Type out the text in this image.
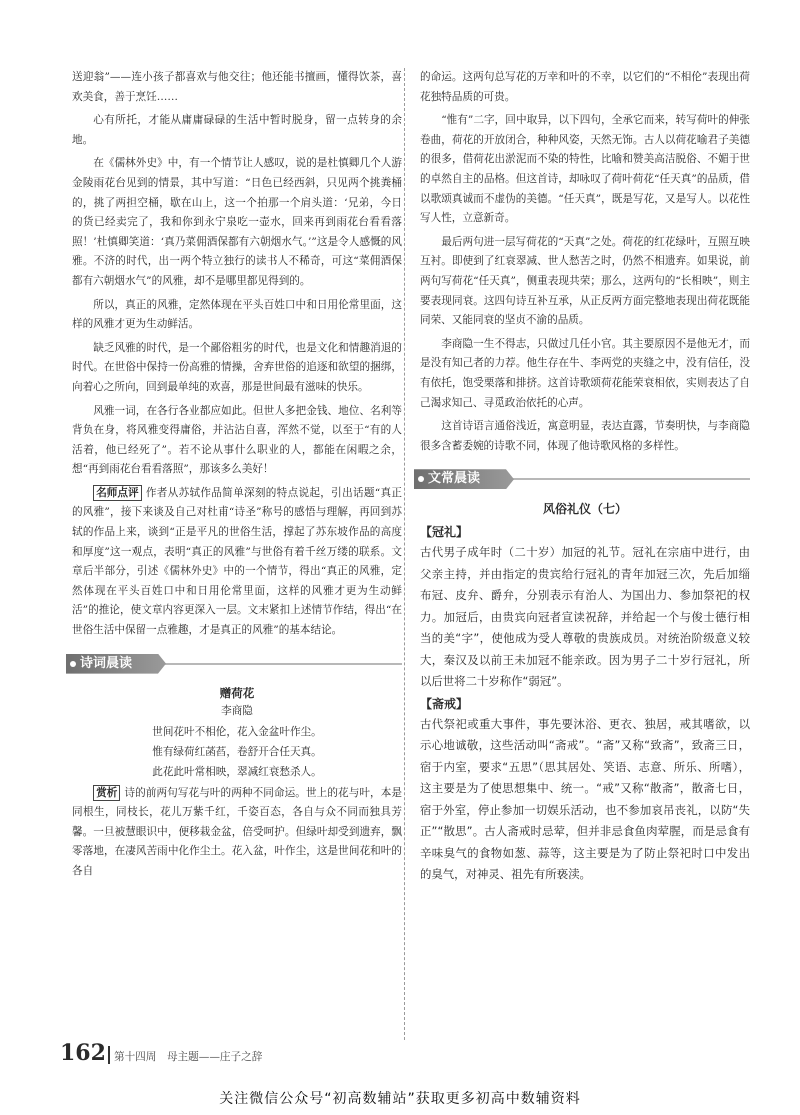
送迎翁”——连小孩子都喜欢与他交往；他还能书擅画，懂得饮茶，喜欢美食，善于烹饪……

心有所托，才能从庸庸碌碌的生活中暂时脱身，留一点转身的余地。

在《儒林外史》中，有一个情节让人感叹，说的是杜慎卿几个人游金陵雨花台见到的情景，其中写道：“日色已经西斜，只见两个挑粪桶的，挑了两担空桶，歇在山上，这一个拍那一个肩头道：‘兄弟，今日的货已经卖完了，我和你到永宁泉吃一壶水，回来再到雨花台看看落照！’杜慎卿笑道：‘真乃菜佣酒保都有六朝烟水气。’”这是令人感慨的风雅。不济的时代，出一两个特立独行的读书人不稀奇，可这“菜佣酒保都有六朝烟水气”的风雅，却不是哪里都见得到的。

所以，真正的风雅，定然体现在平头百姓口中和日用伦常里面，这样的风雅才更为生动鲜活。

缺乏风雅的时代，是一个鄙俗粗劣的时代，也是文化和情趣消退的时代。在世俗中保持一份高雅的情操，舍弃世俗的追逐和欲望的捆绑，向着心之所向，回到最单纯的欢喜，那是世间最有滋味的快乐。

风雅一词，在各行各业都应如此。但世人多把金钱、地位、名利等背负在身，将风雅变得庸俗，并沾沾自喜，浑然不觉，以至于“有的人活着，他已经死了”。若不论从事什么职业的人，都能在闲暇之余，想“再到雨花台看看落照”，那该多么美好！

名师点评 作者从苏轼作品简单深刻的特点说起，引出话题“真正的风雅”，接下来谈及自己对杜甫“诗圣”称号的感悟与理解，再回到苏轼的作品上来，谈到“正是平凡的世俗生活，撑起了苏东坡作品的高度和厚度”这一观点，表明“真正的风雅”与世俗有着千丝万缕的联系。文章后半部分，引述《儒林外史》中的一个情节，得出“真正的风雅，定然体现在平头百姓口中和日用伦常里面，这样的风雅才更为生动鲜活”的推论，使文章内容更深入一层。文末紧扣上述情节作结，得出“在世俗生活中保留一点雅趣，才是真正的风雅”的基本结论。

诗词晨读
赠荷花
李商隐

世间花叶不相伦，花入金盆叶作尘。

惟有绿荷红菡萏，卷舒开合任天真。

此花此叶常相映，翠减红衰愁杀人。

赏析 诗的前两句写花与叶的两种不同命运。世上的花与叶，本是同根生，同枝长，花儿万紫千红，千姿百态，各自与众不同而独具芳馨。一旦被慧眼识中，便移栽金盆，倍受呵护。但绿叶却受到遗弃，飘零落地，在凄风苦雨中化作尘土。花入盆，叶作尘，这是世间花和叶的各自

的命运。这两句总写花的万幸和叶的不幸，以它们的“不相伦”表现出荷花独特品质的可贵。

“惟有”二字，回中取异，以下四句，全承它而来，转写荷叶的伸张卷曲，荷花的开放闭合，种种风姿，天然无饰。古人以荷花喻君子美德的很多，借荷花出淤泥而不染的特性，比喻和赞美高洁脱俗、不媚于世的卓然自主的品格。但这首诗，却咏叹了荷叶荷花“任天真”的品质，借以歌颂真诚而不虚伪的美德。“任天真”，既是写花，又是写人。以花性写人性，立意新奇。

最后两句进一层写荷花的“天真”之处。荷花的红花绿叶，互照互映互衬。即使到了红衰翠减、世人愁苦之时，仍然不相遗弃。如果说，前两句写荷花“任天真”，侧重表现共荣；那么，这两句的“长相映”，则主要表现同衰。这四句诗互补互承，从正反两方面完整地表现出荷花既能同荣、又能同衰的坚贞不渝的品质。

李商隐一生不得志，只做过几任小官。其主要原因不是他无才，而是没有知己者的力荐。他生存在牛、李两党的夹缝之中，没有信任，没有依托，饱受栗落和排挤。这首诗歌颂荷花能荣衰相依，实则表达了自己渴求知己、寻觅政治依托的心声。

这首诗语言通俗浅近，寓意明显，表达直露，节奏明快，与李商隐很多含蓄委婉的诗歌不同，体现了他诗歌风格的多样性。

文常晨读
风俗礼仪（七）
【冠礼】

古代男子成年时（二十岁）加冠的礼节。冠礼在宗庙中进行，由父亲主持，并由指定的贵宾给行冠礼的青年加冠三次，先后加缁布冠、皮弁、爵弁，分别表示有治人、为国出力、参加祭祀的权力。加冠后，由贵宾向冠者宣读祝辞，并给起一个与俊士德行相当的美“字”，使他成为受人尊敬的贵族成员。对统治阶级意义较大，秦汉及以前王未加冠不能亲政。因为男子二十岁行冠礼，所以后世将二十岁称作“弱冠”。

【斋戒】

古代祭祀或重大事件，事先要沐浴、更衣、独居，戒其嗜欲，以示心地诚敬，这些活动叫“斋戒”。“斋”又称“致斋”，致斋三日，宿于内室，要求“五思”（思其居处、笑语、志意、所乐、所嗜），这主要是为了使思想集中、统一。“戒”又称“散斋”，散斋七日，宿于外室，停止参加一切娱乐活动，也不参加哀吊丧礼，以防“失正”“散思”。古人斋戒时忌荤，但并非忌食鱼肉荤腥，而是忌食有辛味臭气的食物如葱、蒜等，这主要是为了防止祭祀时口中发出的臭气，对神灵、祖先有所亵渎。

162 第十四周　母主题——庄子之辞
关注微信公众号“初高数辅站”获取更多初高中数辅资料
